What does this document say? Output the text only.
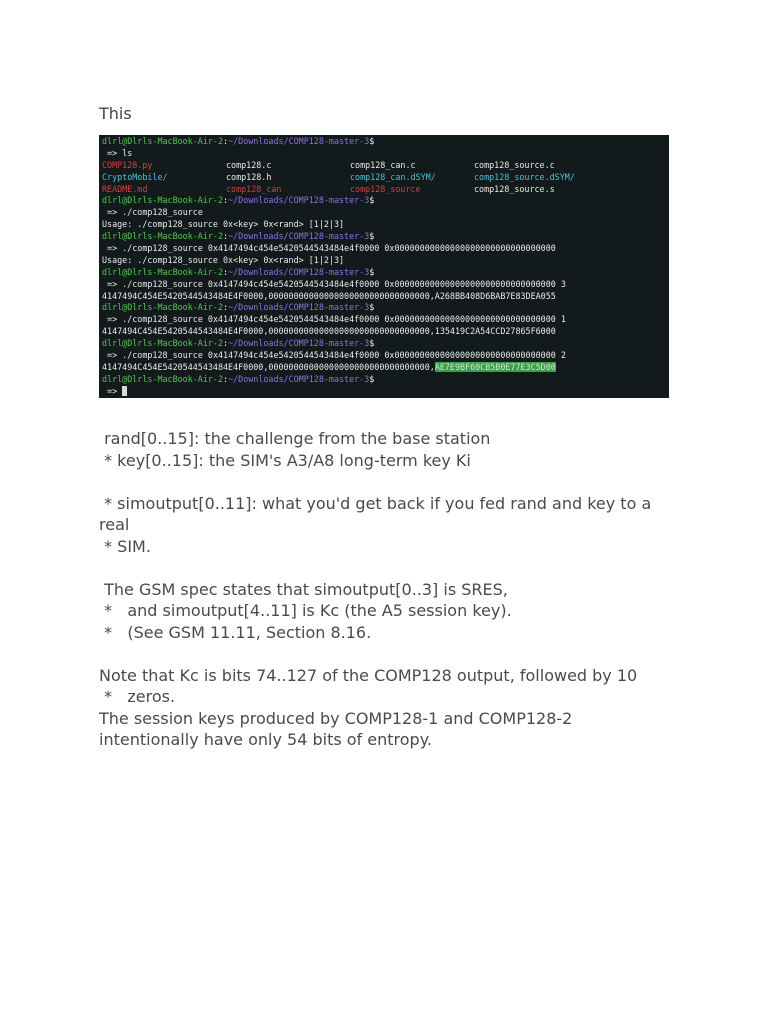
This
dlrl@Dlrls-MacBook-Air-2:~/Downloads/COMP128-master-3$
=> ls
COMP128.py	comp128.c	comp128_can.c	comp128_source.c
CryptoMobile/	comp128.h	comp128_can.dSYM/	comp128_source.dSYM/
README.md	comp128_can	comp128_source	comp128_source.s
dlrl@Dlrls-MacBook-Air-2:~/Downloads/COMP128-master-3$
=> ./comp128_source
Usage: ./comp128_source 0x<key> 0x<rand> [1|2|3]
dlrl@Dlrls-MacBook-Air-2:~/Downloads/COMP128-master-3$
=> ./comp128_source 0x4147494c454e5420544543484e4f0000 0x00000000000000000000000000000000
Usage: ./comp128_source 0x<key> 0x<rand> [1|2|3]
dlrl@Dlrls-MacBook-Air-2:~/Downloads/COMP128-master-3$
=> ./comp128_source 0x4147494c454e5420544543484e4f0000 0x00000000000000000000000000000000 3
4147494C454E5420544543484E4F0000,00000000000000000000000000000000,A268BB408D6BAB7E83DEA055
dlrl@Dlrls-MacBook-Air-2:~/Downloads/COMP128-master-3$
=> ./comp128_source 0x4147494c454e5420544543484e4f0000 0x00000000000000000000000000000000 1
4147494C454E5420544543484E4F0000,00000000000000000000000000000000,135419C2A54CCD27865F6000
dlrl@Dlrls-MacBook-Air-2:~/Downloads/COMP128-master-3$
=> ./comp128_source 0x4147494c454e5420544543484e4f0000 0x00000000000000000000000000000000 2
4147494C454E5420544543484E4F0000,00000000000000000000000000000000,AE7E9BF60CB5B0E77E3C5D00
dlrl@Dlrls-MacBook-Air-2:~/Downloads/COMP128-master-3$
=>
rand[0..15]: the challenge from the base station
* key[0..15]: the SIM's A3/A8 long-term key Ki
* simoutput[0..11]: what you'd get back if you fed rand and key to a real
* SIM.
The GSM spec states that simoutput[0..3] is SRES,
*   and simoutput[4..11] is Kc (the A5 session key).
*   (See GSM 11.11, Section 8.16.
Note that Kc is bits 74..127 of the COMP128 output, followed by 10
*   zeros.
The session keys produced by COMP128-1 and COMP128-2 intentionally have only 54 bits of entropy.
